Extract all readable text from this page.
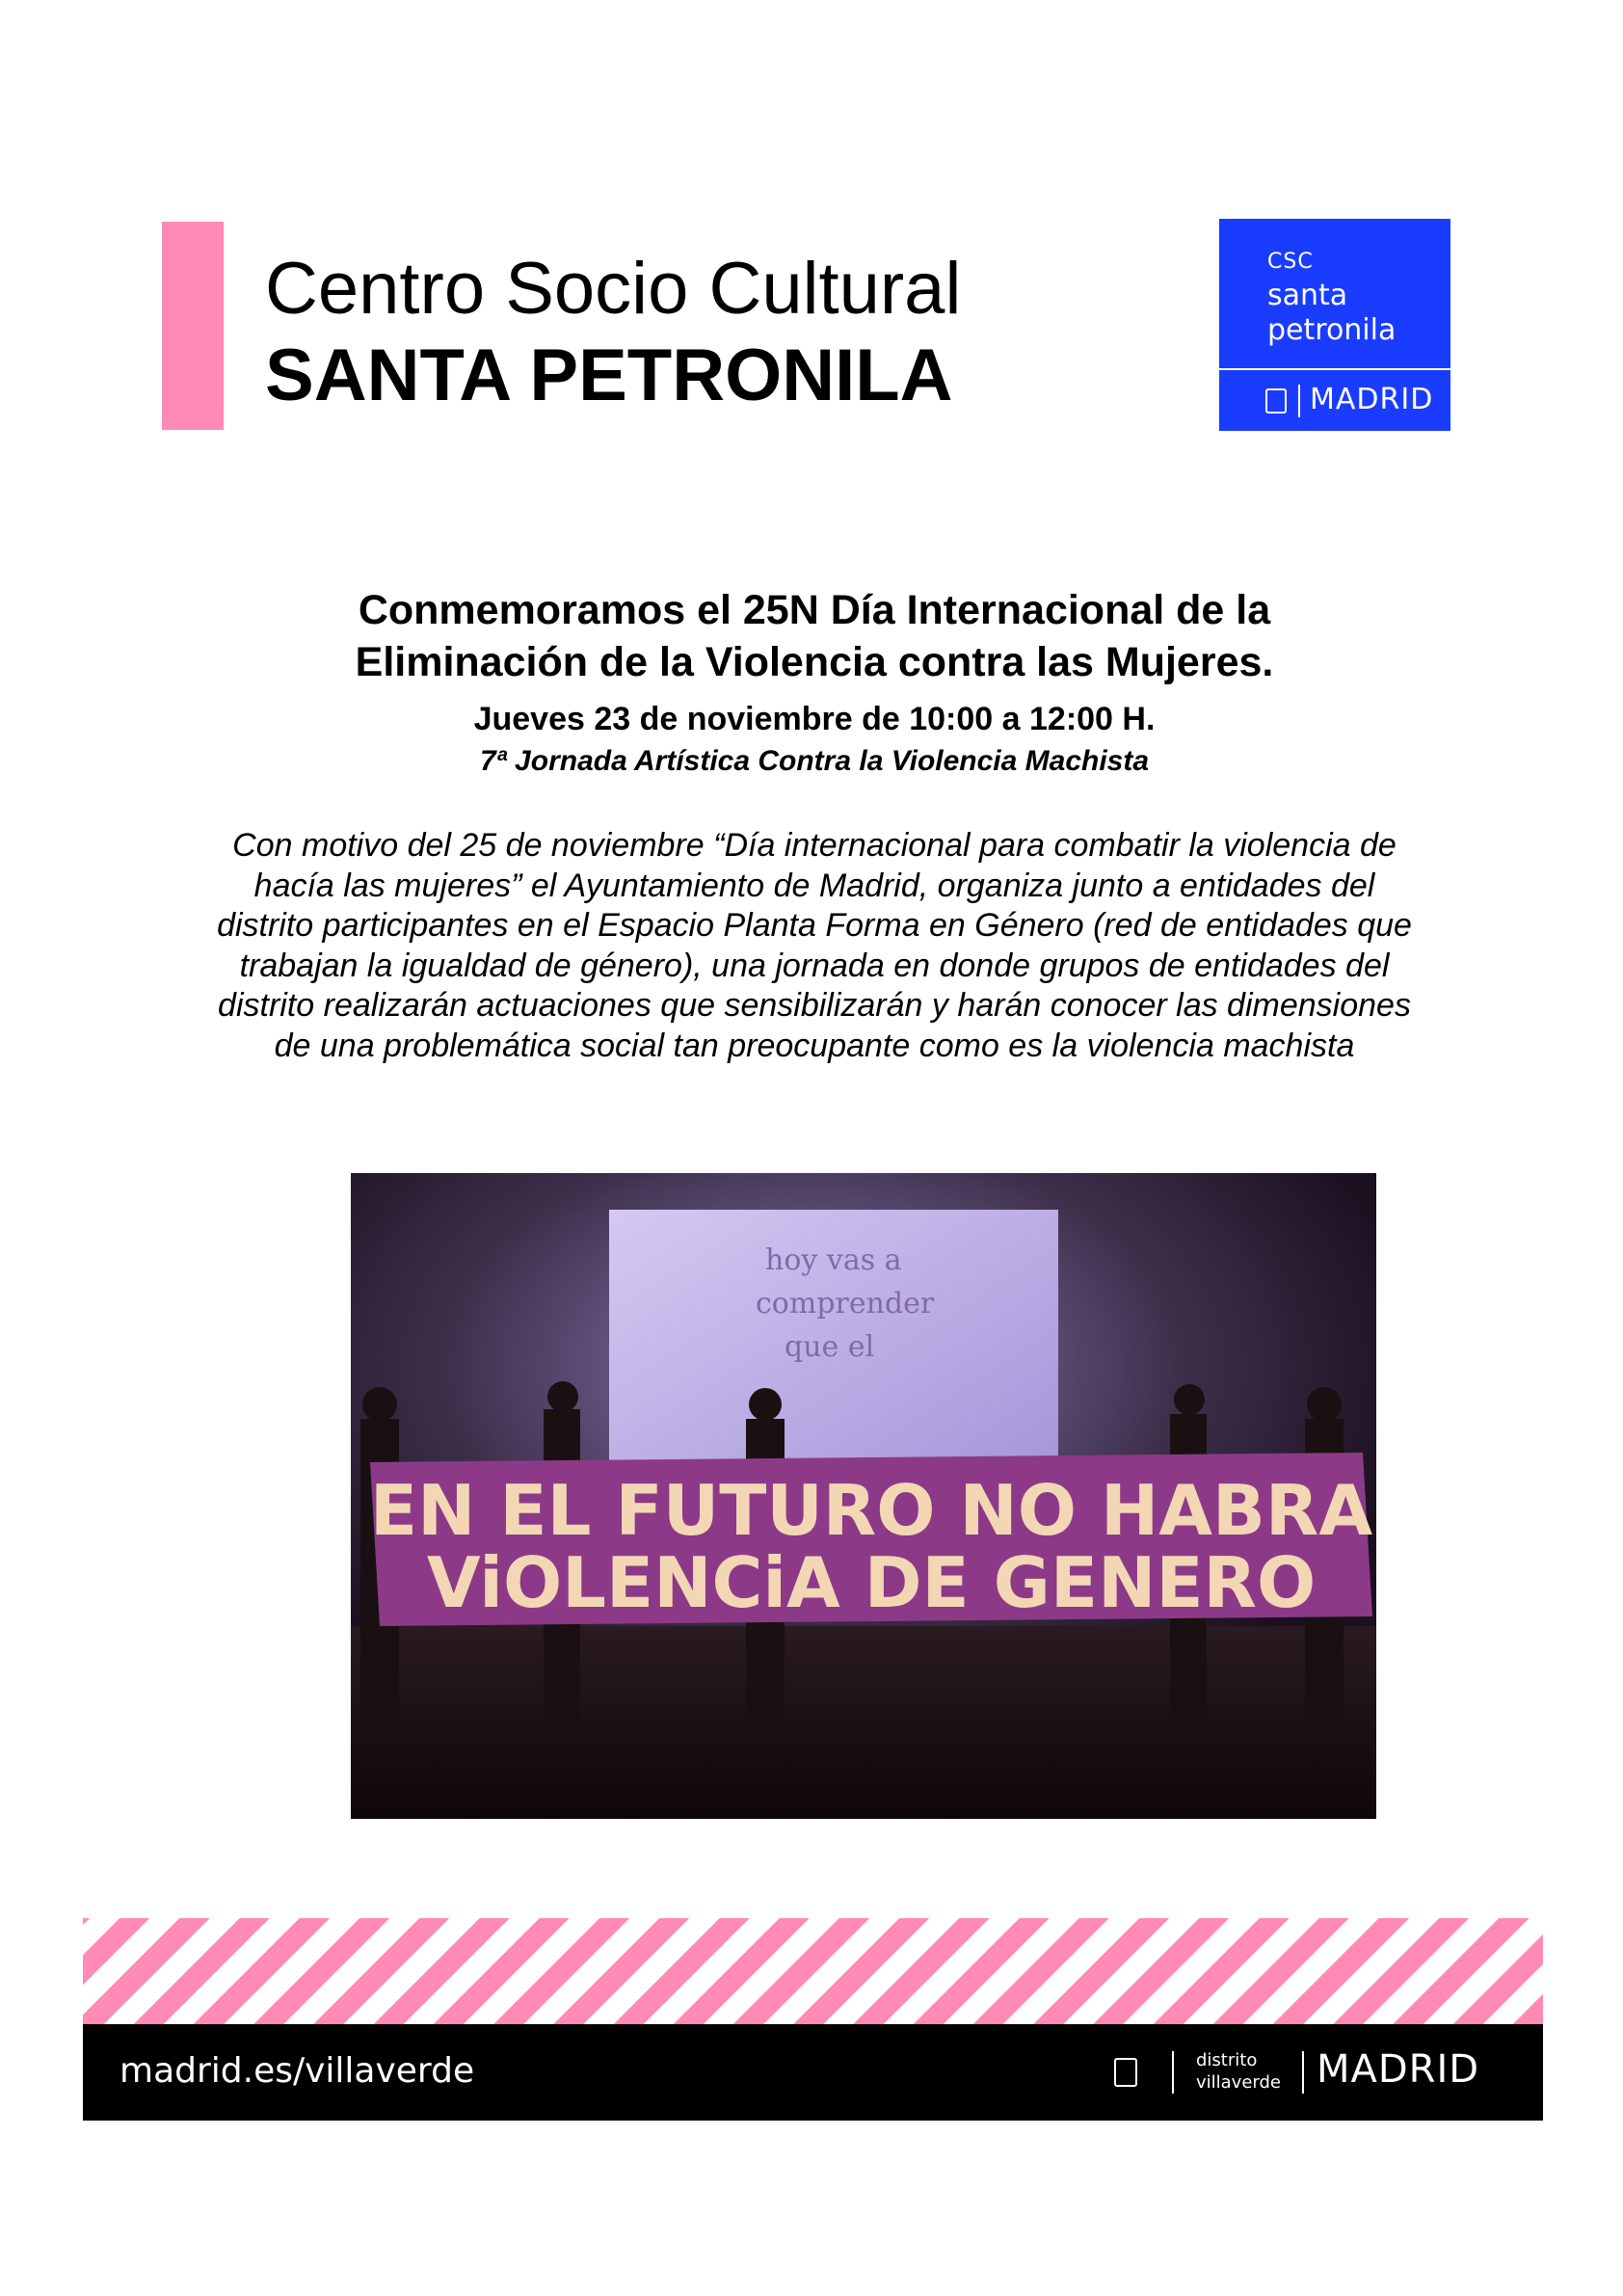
Centro Socio Cultural
SANTA PETRONILA
CSC
santa
petronila
MADRID
Conmemoramos el 25N Día Internacional de la
Eliminación de la Violencia contra las Mujeres.
Jueves 23 de noviembre de 10:00 a 12:00 H.
7ª Jornada Artística Contra la Violencia Machista

Con motivo del 25 de noviembre “Día internacional para combatir la violencia de hacía las mujeres” el Ayuntamiento de Madrid, organiza junto a entidades del distrito participantes en el Espacio Planta Forma en Género (red de entidades que trabajan la igualdad de género), una jornada en donde grupos de entidades del distrito realizarán actuaciones que sensibilizarán y harán conocer las dimensiones de una problemática social tan preocupante como es la violencia machista

hoy vas a
comprender
que el
EN EL FUTURO NO HABRA
ViOLENCiA DE GENERO
madrid.es/villaverde	distrito
villaverde MADRID
